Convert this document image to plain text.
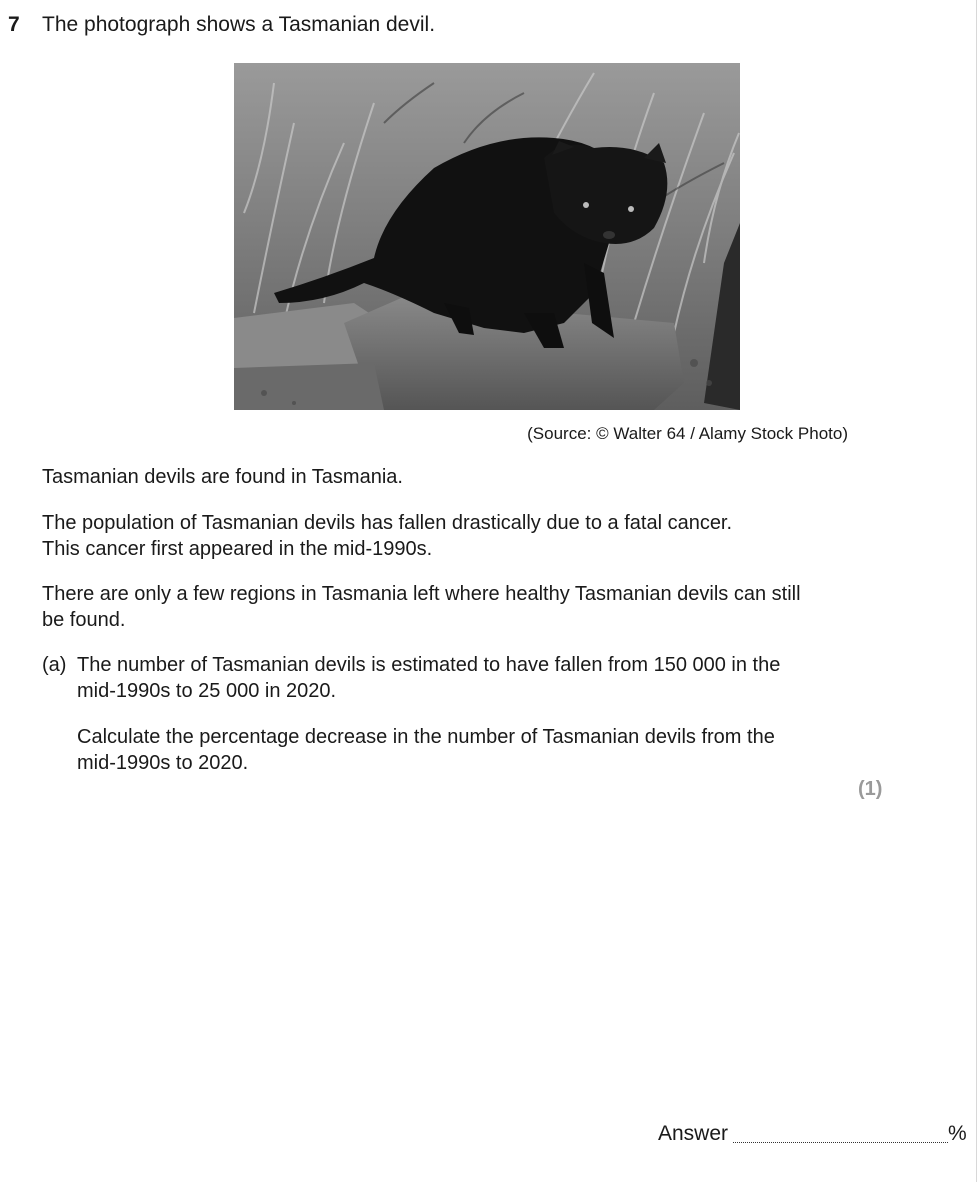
7 The photograph shows a Tasmanian devil.
(Source: © Walter 64 / Alamy Stock Photo)
Tasmanian devils are found in Tasmania.
The population of Tasmanian devils has fallen drastically due to a fatal cancer.
This cancer first appeared in the mid-1990s.
There are only a few regions in Tasmania left where healthy Tasmanian devils can still
be found.
(a) The number of Tasmanian devils is estimated to have fallen from 150 000 in the
mid-1990s to 25 000 in 2020.
Calculate the percentage decrease in the number of Tasmanian devils from the
mid-1990s to 2020.
(1)
Answer	%
